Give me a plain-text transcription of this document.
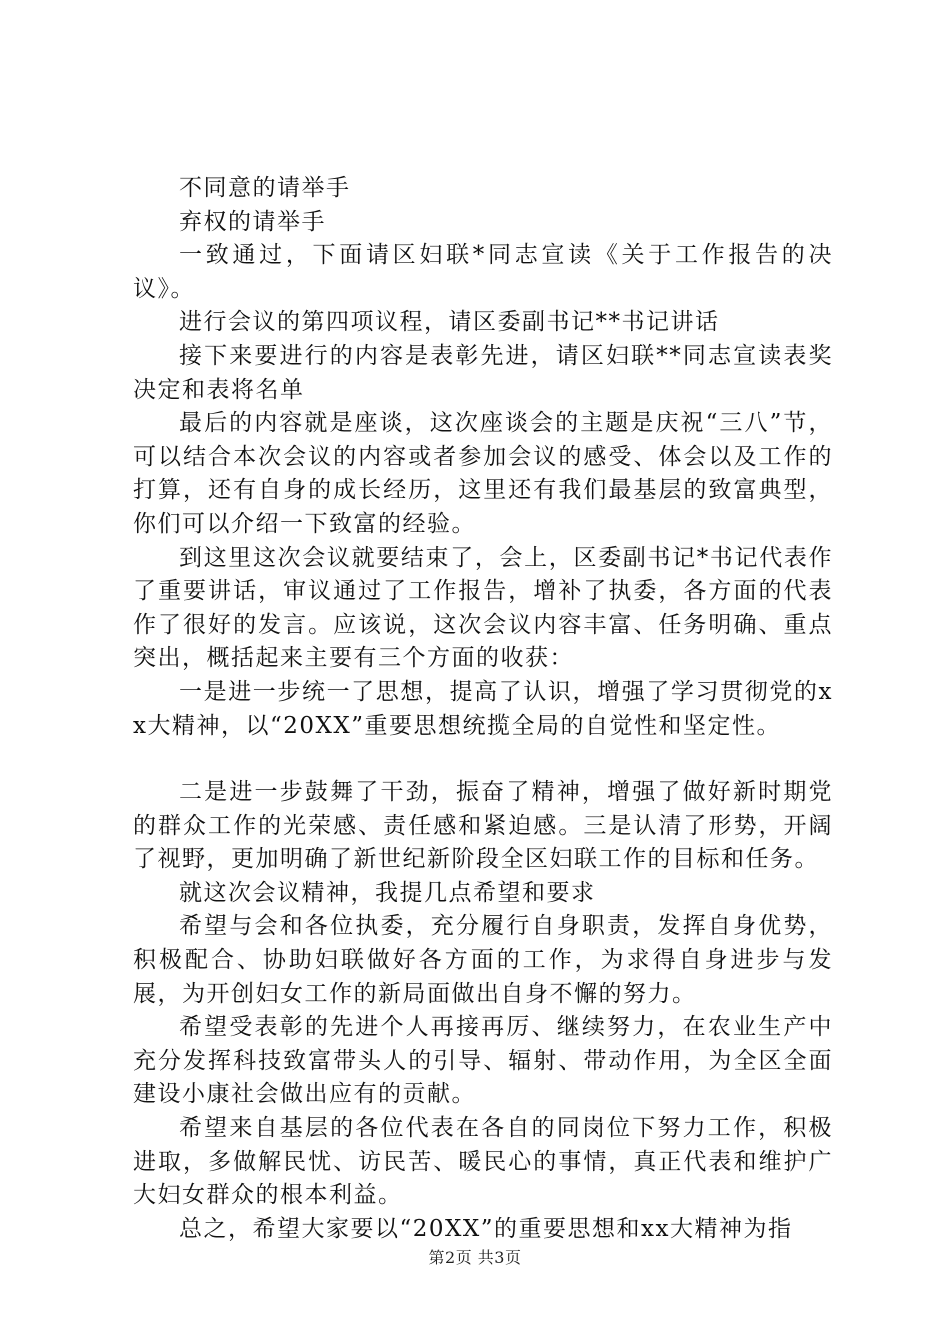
不同意的请举手

弃权的请举手

一致通过，下面请区妇联*同志宣读《关于工作报告的决议》。

进行会议的第四项议程，请区委副书记**书记讲话

接下来要进行的内容是表彰先进，请区妇联**同志宣读表奖决定和表将名单

最后的内容就是座谈，这次座谈会的主题是庆祝“三八”节，可以结合本次会议的内容或者参加会议的感受、体会以及工作的打算，还有自身的成长经历，这里还有我们最基层的致富典型，你们可以介绍一下致富的经验。

到这里这次会议就要结束了，会上，区委副书记*书记代表作了重要讲话，审议通过了工作报告，增补了执委，各方面的代表作了很好的发言。应该说，这次会议内容丰富、任务明确、重点突出，概括起来主要有三个方面的收获：

一是进一步统一了思想，提高了认识，增强了学习贯彻党的xx大精神，以“20XX”重要思想统揽全局的自觉性和坚定性。

二是进一步鼓舞了干劲，振奋了精神，增强了做好新时期党的群众工作的光荣感、责任感和紧迫感。三是认清了形势，开阔了视野，更加明确了新世纪新阶段全区妇联工作的目标和任务。

就这次会议精神，我提几点希望和要求

希望与会和各位执委，充分履行自身职责，发挥自身优势，积极配合、协助妇联做好各方面的工作，为求得自身进步与发展，为开创妇女工作的新局面做出自身不懈的努力。

希望受表彰的先进个人再接再厉、继续努力，在农业生产中充分发挥科技致富带头人的引导、辐射、带动作用，为全区全面建设小康社会做出应有的贡献。

希望来自基层的各位代表在各自的同岗位下努力工作，积极进取，多做解民忧、访民苦、暖民心的事情，真正代表和维护广大妇女群众的根本利益。

总之，希望大家要以“20XX”的重要思想和xx大精神为指

第2页 共3页
